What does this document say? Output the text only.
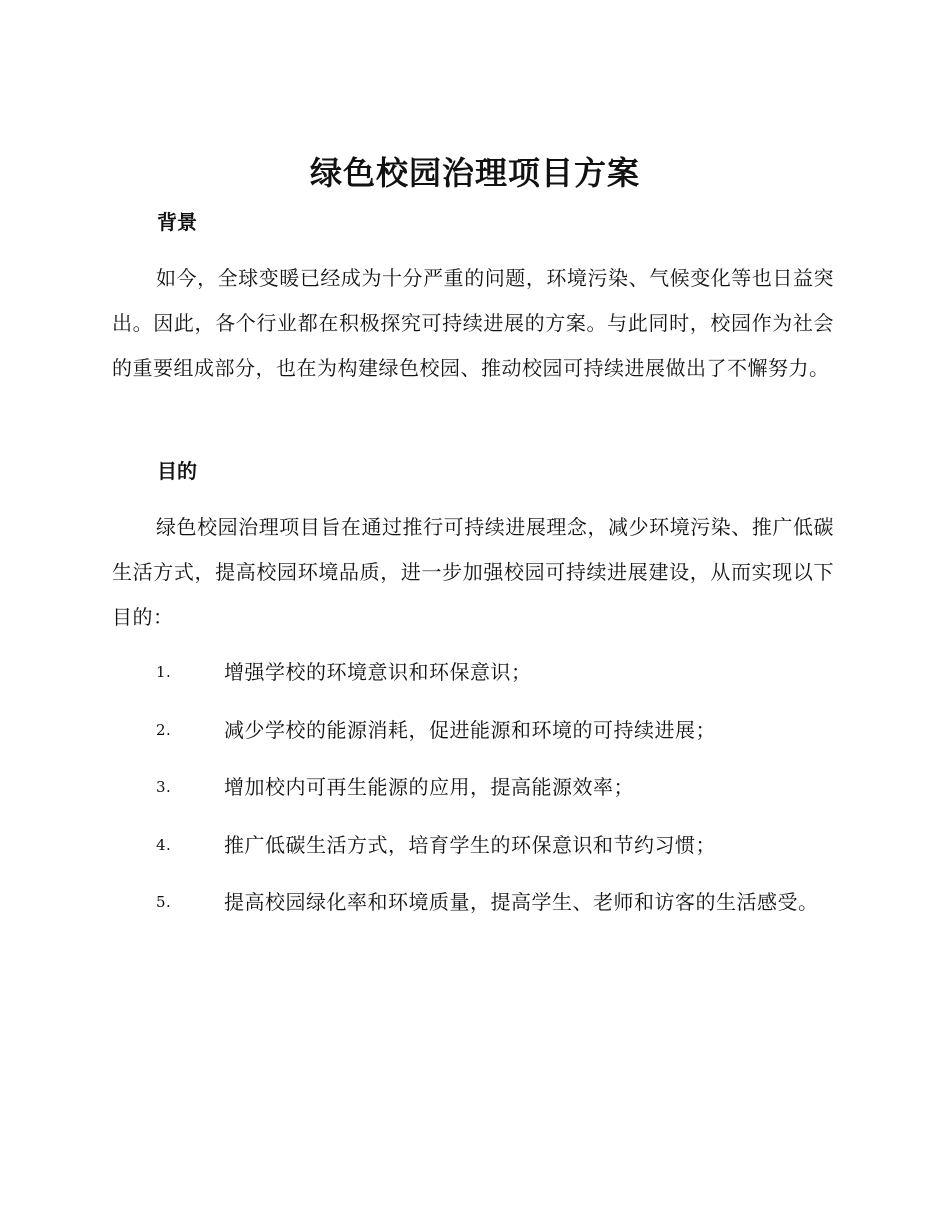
绿色校园治理项目方案
背景
如今，全球变暖已经成为十分严重的问题，环境污染、气候变化等也日益突出。因此，各个行业都在积极探究可持续进展的方案。与此同时，校园作为社会的重要组成部分，也在为构建绿色校园、推动校园可持续进展做出了不懈努力。
目的
绿色校园治理项目旨在通过推行可持续进展理念，减少环境污染、推广低碳生活方式，提高校园环境品质，进一步加强校园可持续进展建设，从而实现以下目的：
1.	增强学校的环境意识和环保意识；
2.	减少学校的能源消耗，促进能源和环境的可持续进展；
3.	增加校内可再生能源的应用，提高能源效率；
4.	推广低碳生活方式，培育学生的环保意识和节约习惯；
5.	提高校园绿化率和环境质量，提高学生、老师和访客的生活感受。
